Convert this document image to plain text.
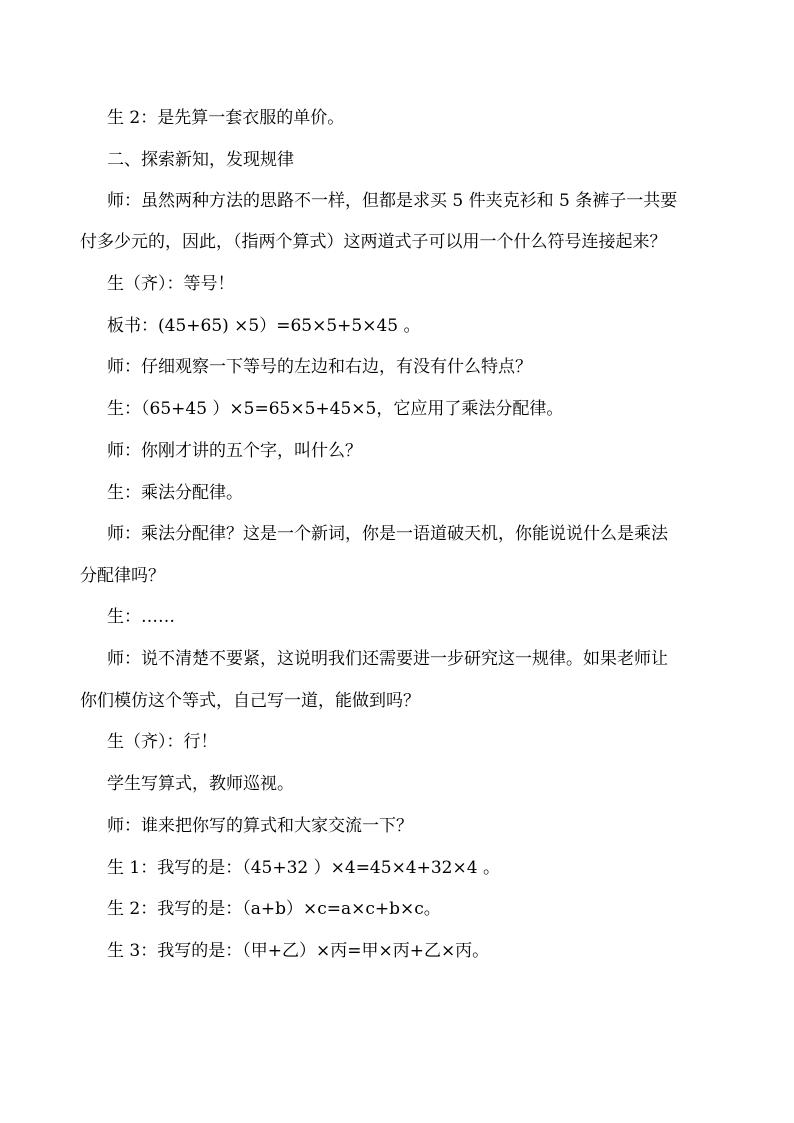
生 2：是先算一套衣服的单价。
二、探索新知，发现规律
师：虽然两种方法的思路不一样，但都是求买 5 件夹克衫和 5 条裤子一共要
付多少元的，因此，（指两个算式）这两道式子可以用一个什么符号连接起来？
生（齐）：等号！
板书：(45+65) ×5）=65×5+5×45 。
师：仔细观察一下等号的左边和右边，有没有什么特点？
生：（65+45 ）×5=65×5+45×5，它应用了乘法分配律。
师：你刚才讲的五个字，叫什么？
生：乘法分配律。
师：乘法分配律？这是一个新词，你是一语道破天机，你能说说什么是乘法
分配律吗？
生：……
师：说不清楚不要紧，这说明我们还需要进一步研究这一规律。如果老师让
你们模仿这个等式，自己写一道，能做到吗？
生（齐）：行！
学生写算式，教师巡视。
师：谁来把你写的算式和大家交流一下？
生 1：我写的是：（45+32 ）×4=45×4+32×4 。
生 2：我写的是：（a+b）×c=a×c+b×c。
生 3：我写的是：（甲+乙）×丙=甲×丙+乙×丙。
